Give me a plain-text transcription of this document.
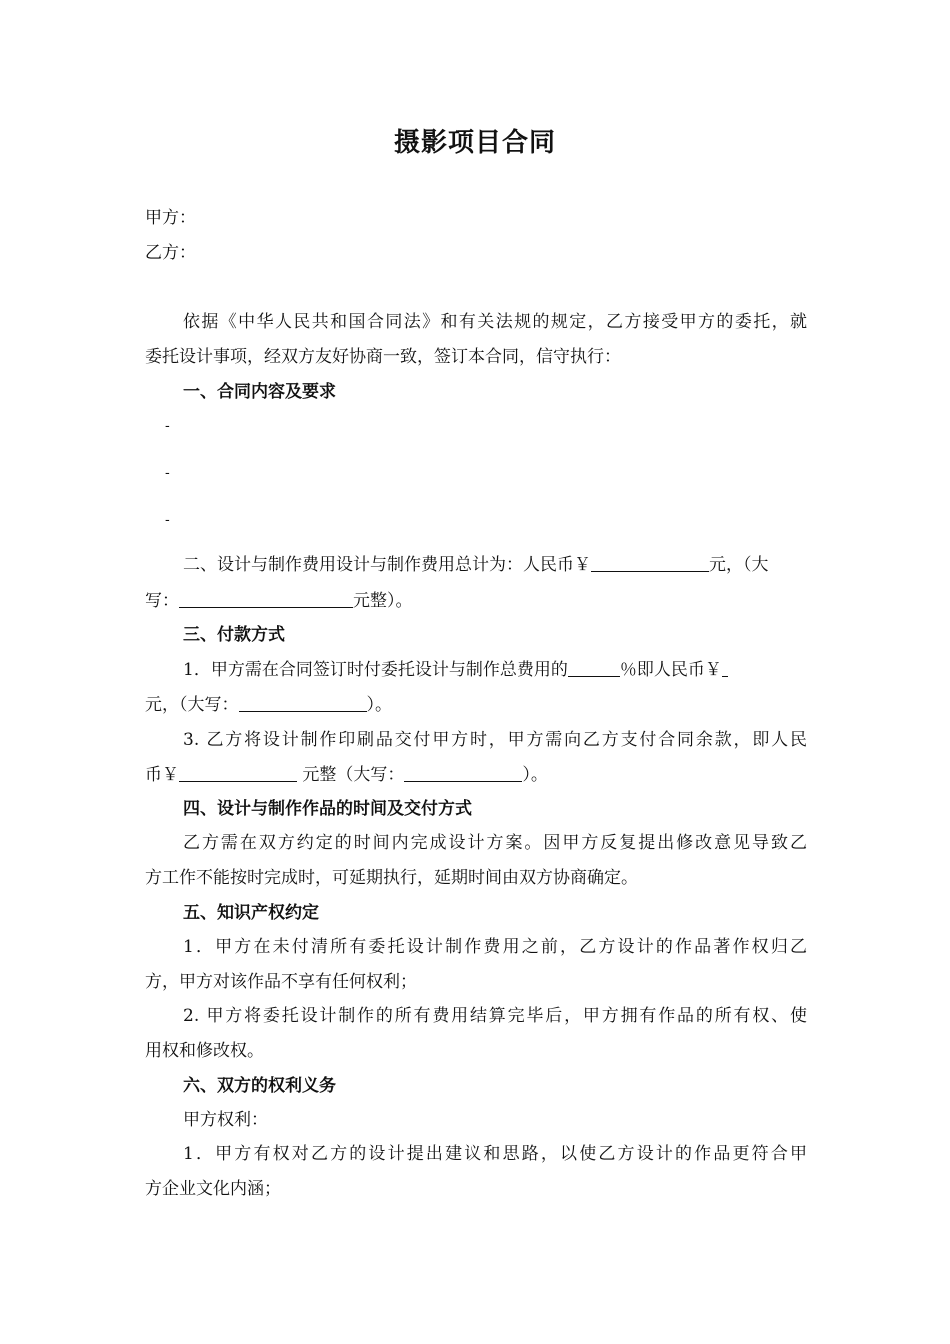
摄影项目合同
甲方：
乙方：
依据《中华人民共和国合同法》和有关法规的规定，乙方接受甲方的委托，就
委托设计事项，经双方友好协商一致，签订本合同，信守执行：
一、合同内容及要求
-
-
-
二、设计与制作费用设计与制作费用总计为：人民币￥	元，（大
写：	元整）。
三、付款方式
1．甲方需在合同签订时付委托设计与制作总费用的	％即人民币￥
元，（大写：	）。
3. 乙方将设计制作印刷品交付甲方时，甲方需向乙方支付合同余款，即人民
币￥	元整（大写：	）。
四、设计与制作作品的时间及交付方式
乙方需在双方约定的时间内完成设计方案。因甲方反复提出修改意见导致乙
方工作不能按时完成时，可延期执行，延期时间由双方协商确定。
五、知识产权约定
1．甲方在未付清所有委托设计制作费用之前，乙方设计的作品著作权归乙
方，甲方对该作品不享有任何权利；
2. 甲方将委托设计制作的所有费用结算完毕后，甲方拥有作品的所有权、使
用权和修改权。
六、双方的权利义务
甲方权利：
1．甲方有权对乙方的设计提出建议和思路，以使乙方设计的作品更符合甲
方企业文化内涵；
